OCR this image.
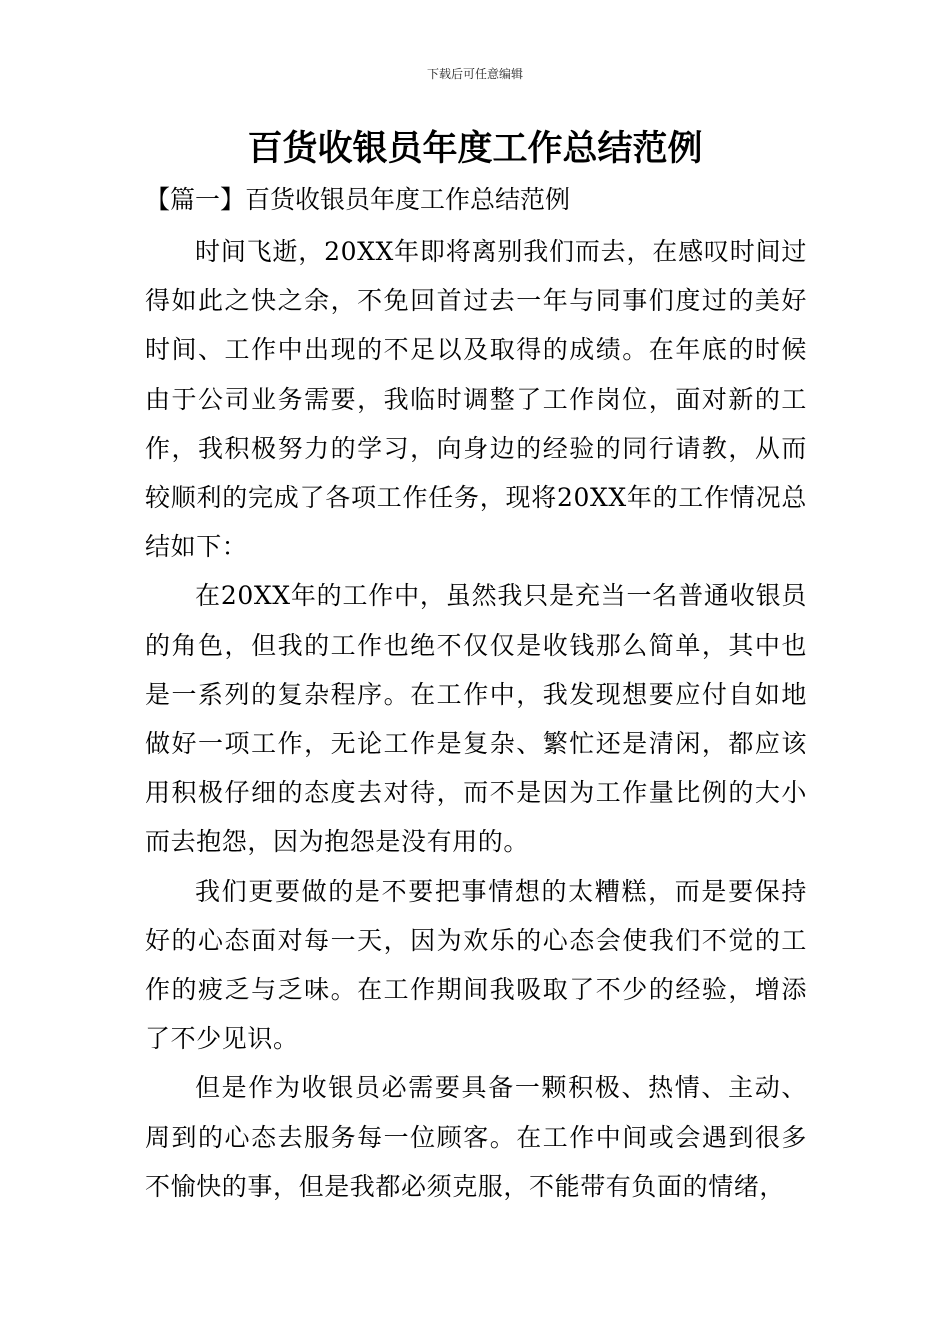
下载后可任意编辑
百货收银员年度工作总结范例
【篇一】百货收银员年度工作总结范例

时间飞逝，20XX年即将离别我们而去，在感叹时间过得如此之快之余，不免回首过去一年与同事们度过的美好时间、工作中出现的不足以及取得的成绩。在年底的时候由于公司业务需要，我临时调整了工作岗位，面对新的工作，我积极努力的学习，向身边的经验的同行请教，从而较顺利的完成了各项工作任务，现将20XX年的工作情况总结如下：

在20XX年的工作中，虽然我只是充当一名普通收银员的角色，但我的工作也绝不仅仅是收钱那么简单，其中也是一系列的复杂程序。在工作中，我发现想要应付自如地做好一项工作，无论工作是复杂、繁忙还是清闲，都应该用积极仔细的态度去对待，而不是因为工作量比例的大小而去抱怨，因为抱怨是没有用的。

我们更要做的是不要把事情想的太糟糕，而是要保持好的心态面对每一天，因为欢乐的心态会使我们不觉的工作的疲乏与乏味。在工作期间我吸取了不少的经验，增添了不少见识。

但是作为收银员必需要具备一颗积极、热情、主动、周到的心态去服务每一位顾客。在工作中间或会遇到很多不愉快的事，但是我都必须克服，不能带有负面的情绪，
